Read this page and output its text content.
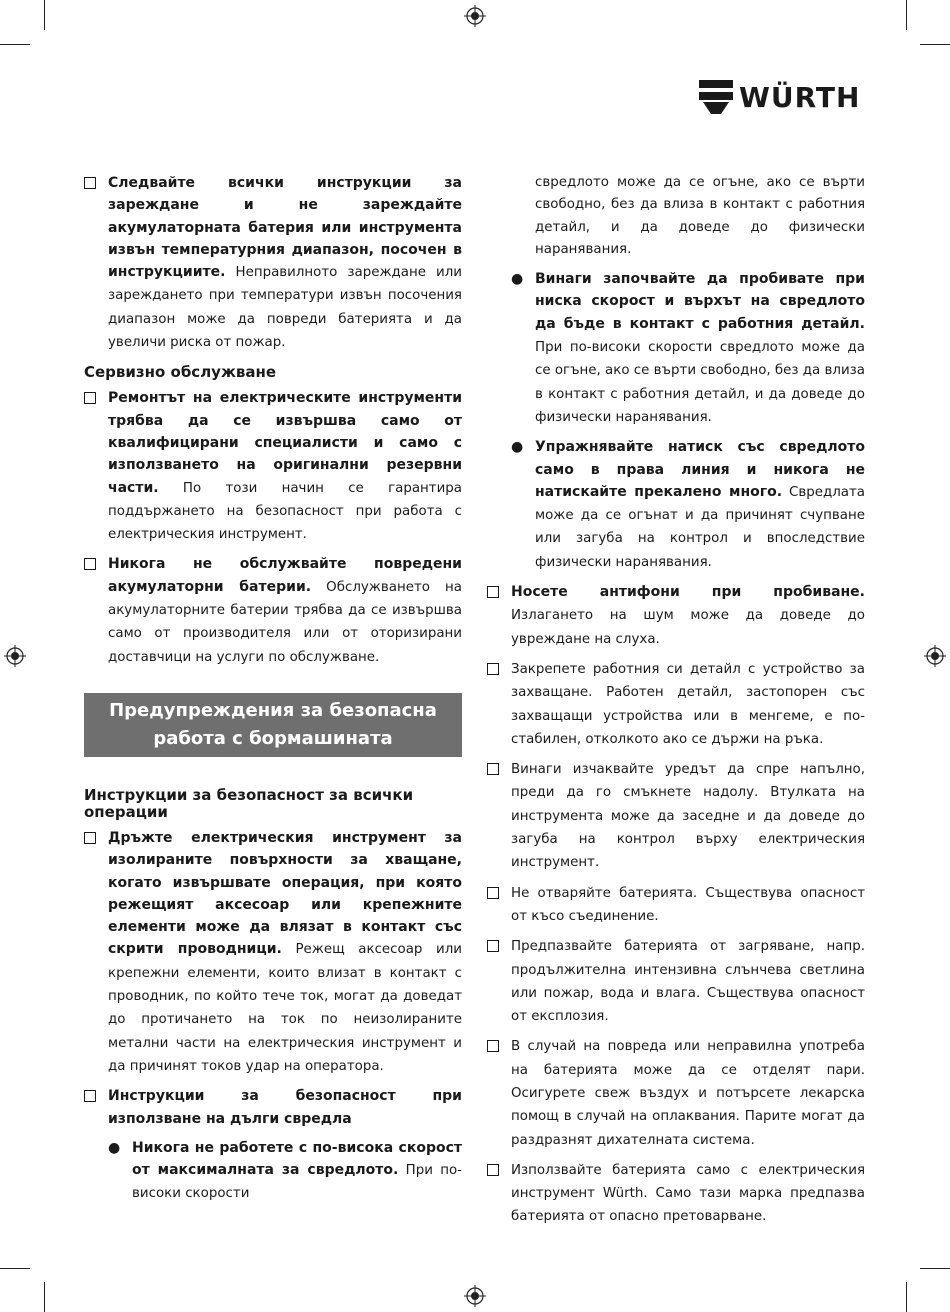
WÜRTH
Следвайте всички инструкции за зареждане и не зареждайте акумулаторната батерия или инструмента извън температурния диапазон, посочен в инструкциите. Неправилното зареждане или зареждането при температури извън посочения диапазон може да повреди батерията и да увеличи риска от пожар.
Сервизно обслужване
Ремонтът на електрическите инструменти трябва да се извършва само от квалифицирани специалисти и само с използването на оригинални резервни части. По този начин се гарантира поддържането на безопасност при работа с електрическия инструмент.
Никога не обслужвайте повредени акумулаторни батерии. Обслужването на акумулаторните батерии трябва да се извършва само от производителя или от оторизирани доставчици на услуги по обслужване.
Предупреждения за безопасна работа с бормашината
Инструкции за безопасност за всички операции
Дръжте електрическия инструмент за изолираните повърхности за хващане, когато извършвате операция, при която режещият аксесоар или крепежните елементи може да влязат в контакт със скрити проводници. Режещ аксесоар или крепежни елементи, които влизат в контакт с проводник, по който тече ток, могат да доведат до протичането на ток по неизолираните метални части на електрическия инструмент и да причинят токов удар на оператора.
Инструкции за безопасност при използване на дълги свредла
● Никога не работете с по-висока скорост от максималната за свредлото. При по-високи скорости
свредлото може да се огъне, ако се върти свободно, без да влиза в контакт с работния детайл, и да доведе до физически наранявания.
● Винаги започвайте да пробивате при ниска скорост и върхът на свредлото да бъде в контакт с работния детайл. При по-високи скорости свредлото може да се огъне, ако се върти свободно, без да влиза в контакт с работния детайл, и да доведе до физически наранявания.
● Упражнявайте натиск със свредлото само в права линия и никога не натискайте прекалено много. Свредлата може да се огънат и да причинят счупване или загуба на контрол и впоследствие физически наранявания.
Носете антифони при пробиване. Излагането на шум може да доведе до увреждане на слуха.
Закрепете работния си детайл с устройство за захващане. Работен детайл, застопорен със захващащи устройства или в менгеме, е по-стабилен, отколкото ако се държи на ръка.
Винаги изчаквайте уредът да спре напълно, преди да го смъкнете надолу. Втулката на инструмента може да заседне и да доведе до загуба на контрол върху електрическия инструмент.
Не отваряйте батерията. Съществува опасност от късо съединение.
Предпазвайте батерията от загряване, напр. продължителна интензивна слънчева светлина или пожар, вода и влага. Съществува опасност от експлозия.
В случай на повреда или неправилна употреба на батерията може да се отделят пари. Осигурете свеж въздух и потърсете лекарска помощ в случай на оплаквания. Парите могат да раздразнят дихателната система.
Използвайте батерията само с електрическия инструмент Würth. Само тази марка предпазва батерията от опасно претоварване.
